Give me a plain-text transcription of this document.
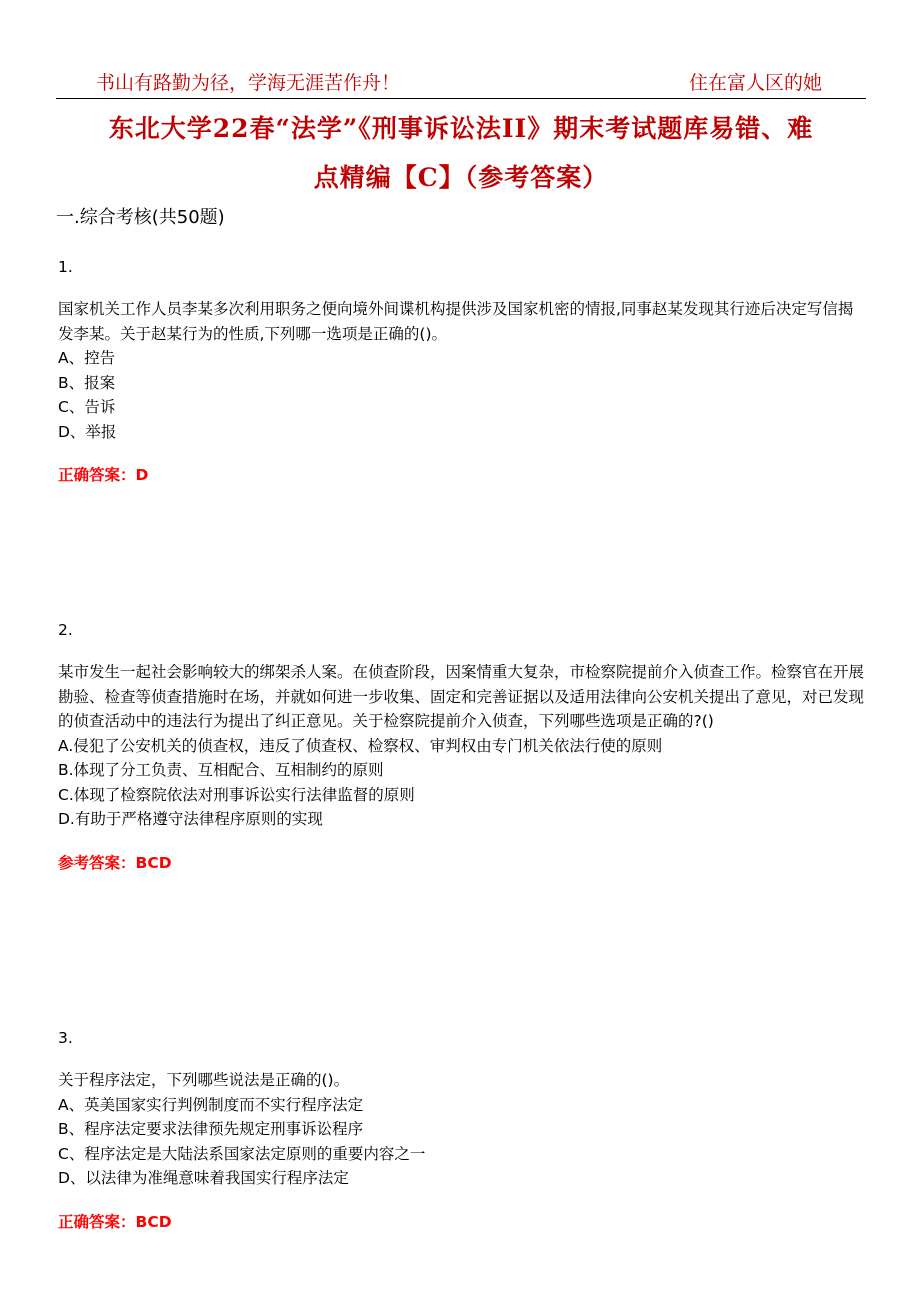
书山有路勤为径，学海无涯苦作舟！	住在富人区的她
东北大学22春“法学”《刑事诉讼法II》期末考试题库易错、难
点精编【C】（参考答案）
一.综合考核(共50题)
1.
国家机关工作人员李某多次利用职务之便向境外间谍机构提供涉及国家机密的情报,同事赵某发现其行迹后决定写信揭发李某。关于赵某行为的性质,下列哪一选项是正确的()。
A、控告
B、报案
C、告诉
D、举报
正确答案：D
2.
某市发生一起社会影响较大的绑架杀人案。在侦查阶段，因案情重大复杂，市检察院提前介入侦查工作。检察官在开展勘验、检查等侦查措施时在场，并就如何进一步收集、固定和完善证据以及适用法律向公安机关提出了意见，对已发现的侦查活动中的违法行为提出了纠正意见。关于检察院提前介入侦查，下列哪些选项是正确的?()
A.侵犯了公安机关的侦查权，违反了侦查权、检察权、审判权由专门机关依法行使的原则
B.体现了分工负责、互相配合、互相制约的原则
C.体现了检察院依法对刑事诉讼实行法律监督的原则
D.有助于严格遵守法律程序原则的实现
参考答案：BCD
3.
关于程序法定，下列哪些说法是正确的()。
A、英美国家实行判例制度而不实行程序法定
B、程序法定要求法律预先规定刑事诉讼程序
C、程序法定是大陆法系国家法定原则的重要内容之一
D、以法律为准绳意味着我国实行程序法定
正确答案：BCD
